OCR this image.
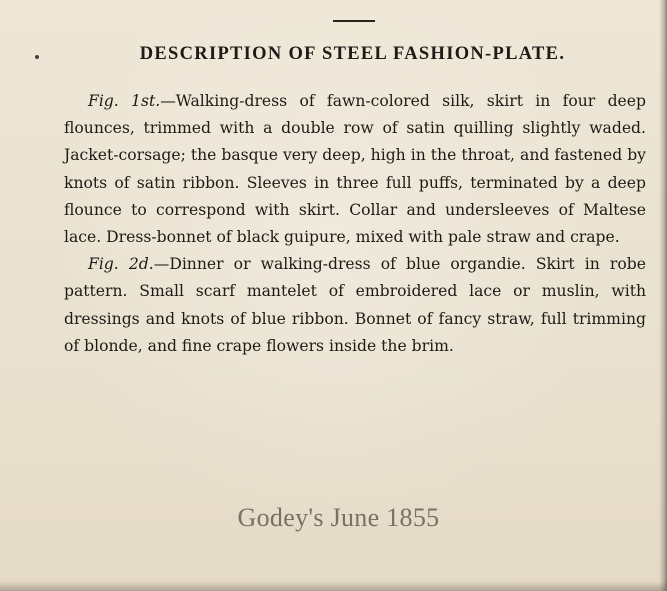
DESCRIPTION OF STEEL FASHION-PLATE.

Fig. 1st.—Walking-dress of fawn-colored silk, skirt in four deep flounces, trimmed with a double row of satin quilling slightly waded. Jacket-corsage; the basque very deep, high in the throat, and fastened by knots of satin ribbon. Sleeves in three full puffs, terminated by a deep flounce to correspond with skirt. Collar and undersleeves of Maltese lace. Dress-bonnet of black guipure, mixed with pale straw and crape.

Fig. 2d.—Dinner or walking-dress of blue organdie. Skirt in robe pattern. Small scarf mantelet of embroidered lace or muslin, with dressings and knots of blue ribbon. Bonnet of fancy straw, full trimming of blonde, and fine crape flowers inside the brim.

Godey's June 1855
